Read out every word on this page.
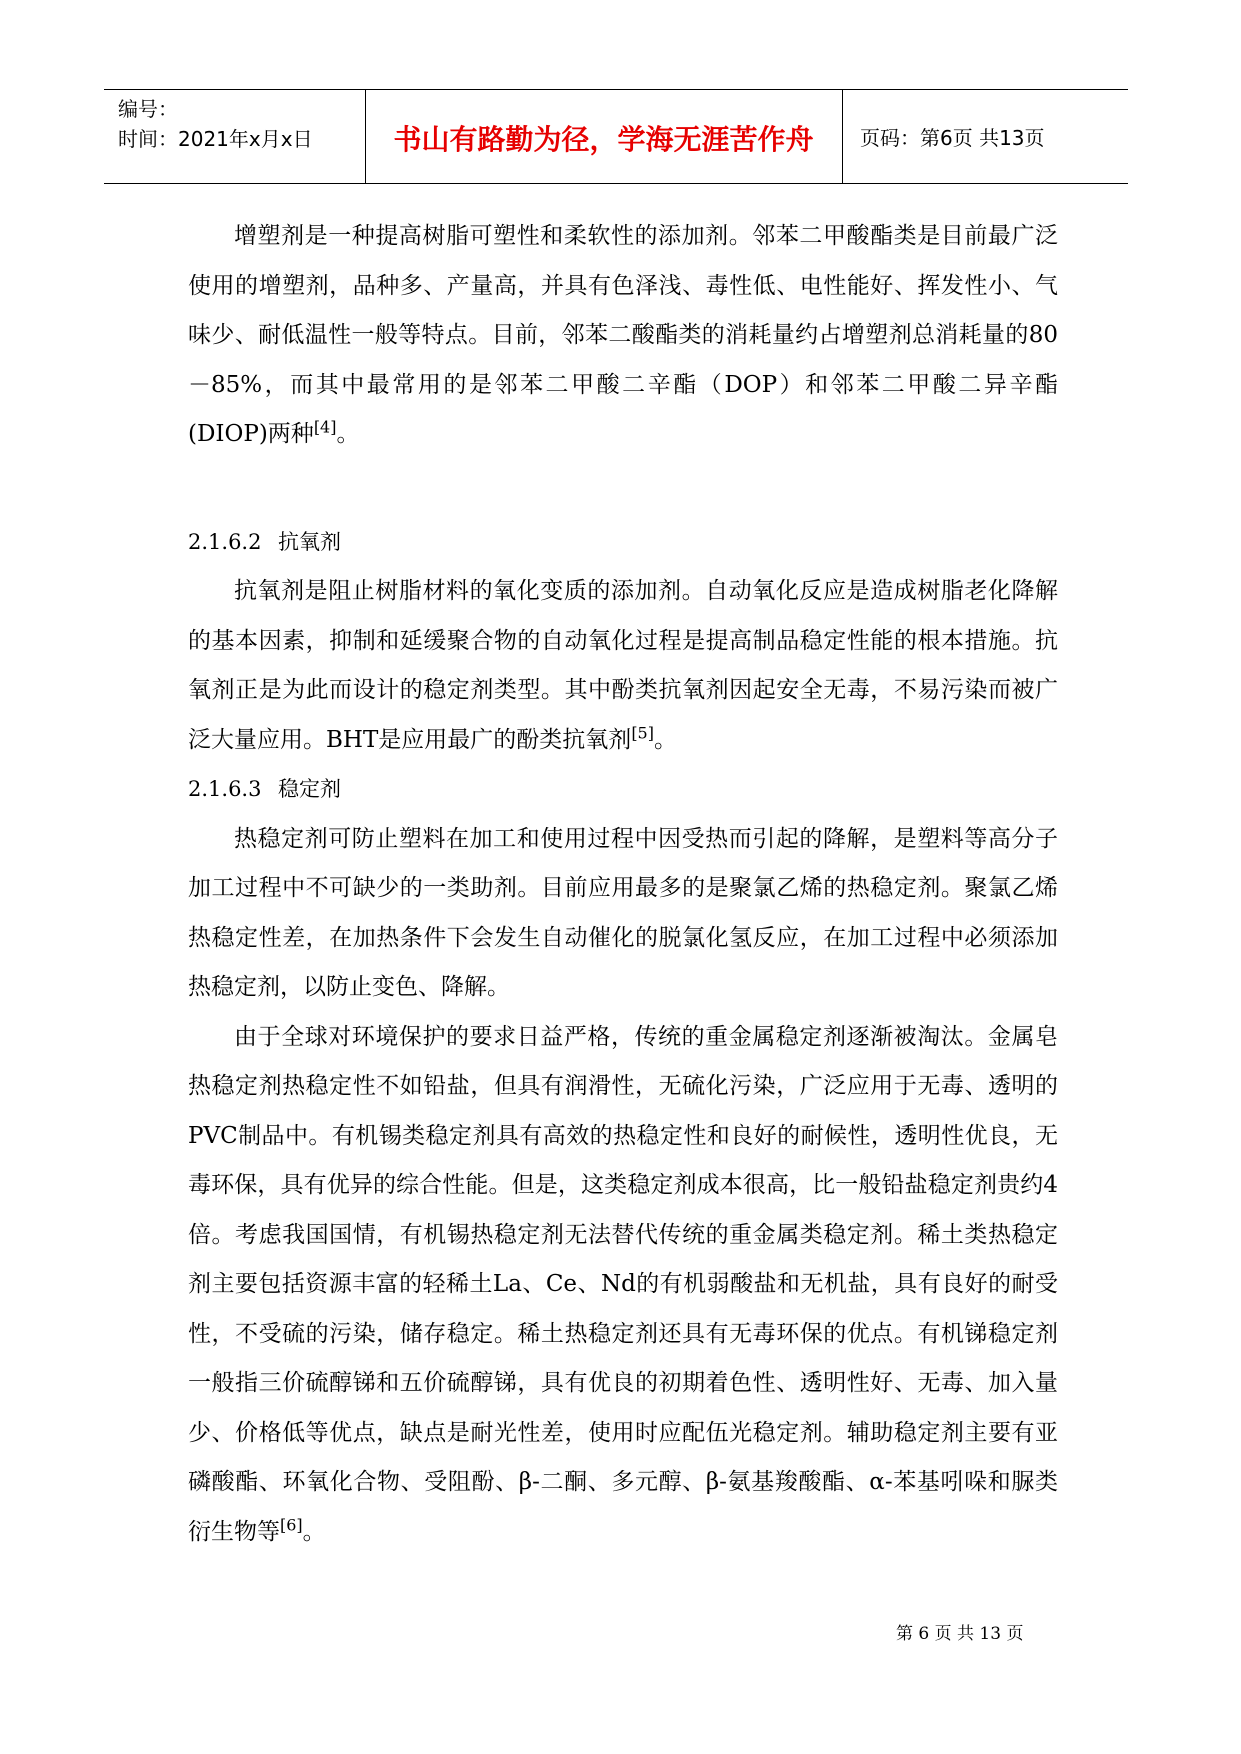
编号：
时间：2021年x月x日	书山有路勤为径，学海无涯苦作舟	页码：第6页 共13页

增塑剂是一种提高树脂可塑性和柔软性的添加剂。邻苯二甲酸酯类是目前最广泛使用的增塑剂，品种多、产量高，并具有色泽浅、毒性低、电性能好、挥发性小、气味少、耐低温性一般等特点。目前，邻苯二酸酯类的消耗量约占增塑剂总消耗量的80－85%，而其中最常用的是邻苯二甲酸二辛酯（DOP）和邻苯二甲酸二异辛酯(DIOP)两种[4]。

2.1.6.2 抗氧剂

抗氧剂是阻止树脂材料的氧化变质的添加剂。自动氧化反应是造成树脂老化降解的基本因素，抑制和延缓聚合物的自动氧化过程是提高制品稳定性能的根本措施。抗氧剂正是为此而设计的稳定剂类型。其中酚类抗氧剂因起安全无毒，不易污染而被广泛大量应用。BHT是应用最广的酚类抗氧剂[5]。

2.1.6.3 稳定剂

热稳定剂可防止塑料在加工和使用过程中因受热而引起的降解，是塑料等高分子加工过程中不可缺少的一类助剂。目前应用最多的是聚氯乙烯的热稳定剂。聚氯乙烯热稳定性差，在加热条件下会发生自动催化的脱氯化氢反应，在加工过程中必须添加热稳定剂，以防止变色、降解。

由于全球对环境保护的要求日益严格，传统的重金属稳定剂逐渐被淘汰。金属皂热稳定剂热稳定性不如铅盐，但具有润滑性，无硫化污染，广泛应用于无毒、透明的PVC制品中。有机锡类稳定剂具有高效的热稳定性和良好的耐候性，透明性优良，无毒环保，具有优异的综合性能。但是，这类稳定剂成本很高，比一般铅盐稳定剂贵约4倍。考虑我国国情，有机锡热稳定剂无法替代传统的重金属类稳定剂。稀土类热稳定剂主要包括资源丰富的轻稀土La、Ce、Nd的有机弱酸盐和无机盐，具有良好的耐受性，不受硫的污染，储存稳定。稀土热稳定剂还具有无毒环保的优点。有机锑稳定剂一般指三价硫醇锑和五价硫醇锑，具有优良的初期着色性、透明性好、无毒、加入量少、价格低等优点，缺点是耐光性差，使用时应配伍光稳定剂。辅助稳定剂主要有亚磷酸酯、环氧化合物、受阻酚、β-二酮、多元醇、β-氨基羧酸酯、α-苯基吲哚和脲类衍生物等[6]。

第 6 页 共 13 页
